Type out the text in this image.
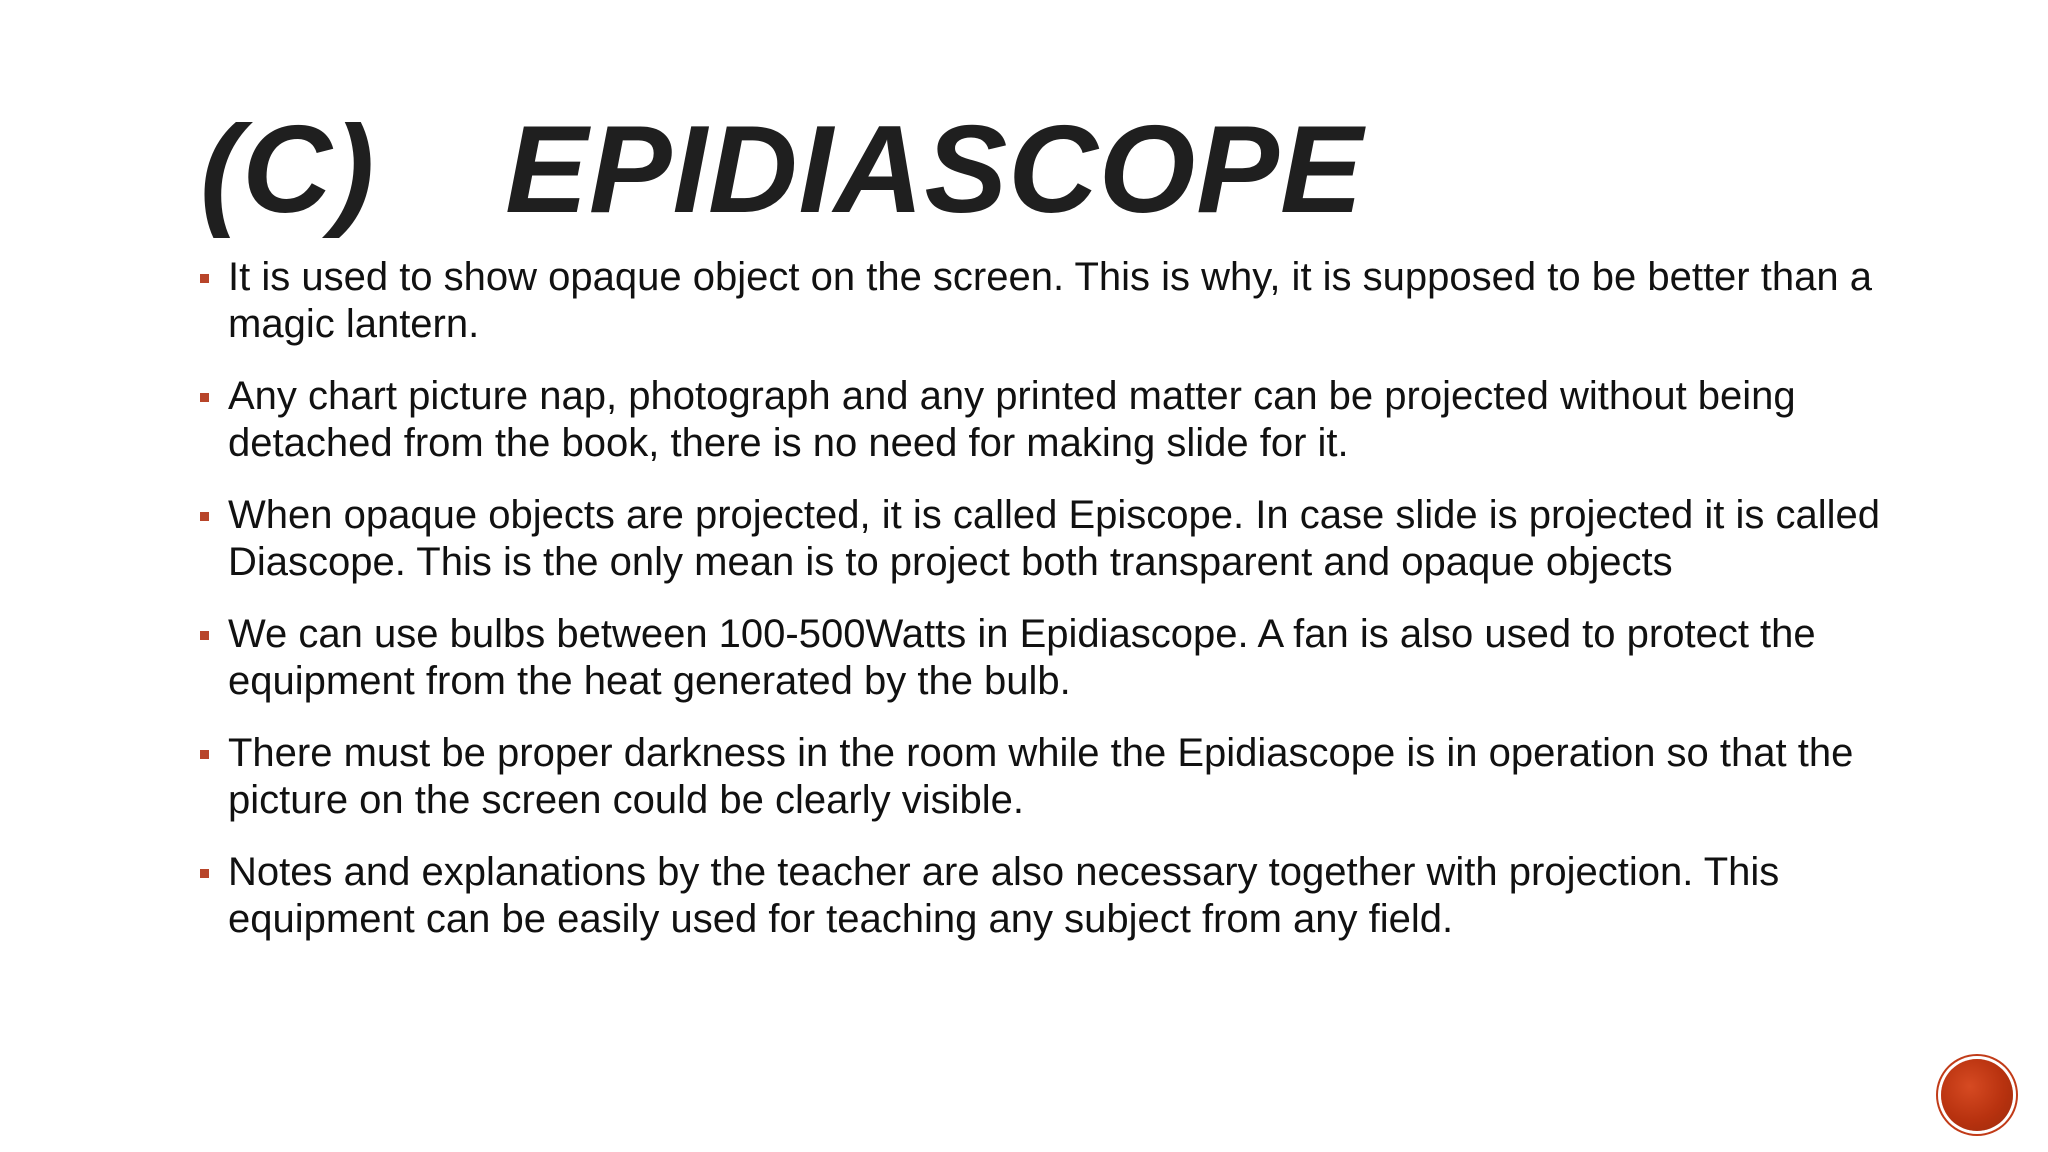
(C) EPIDIASCOPE
It is used to show opaque object on the screen. This is why, it is supposed to be better than a magic lantern.
Any chart picture nap, photograph and any printed matter can be projected without being detached from the book, there is no need for making slide for it.
When opaque objects are projected, it is called Episcope. In case slide is projected it is called Diascope. This is the only mean is to project both transparent and opaque objects
We can use bulbs between 100-500Watts in Epidiascope. A fan is also used to protect the equipment from the heat generated by the bulb.
There must be proper darkness in the room while the Epidiascope is in operation so that the picture on the screen could be clearly visible.
Notes and explanations by the teacher are also necessary together with projection. This equipment can be easily used for teaching any subject from any field.
